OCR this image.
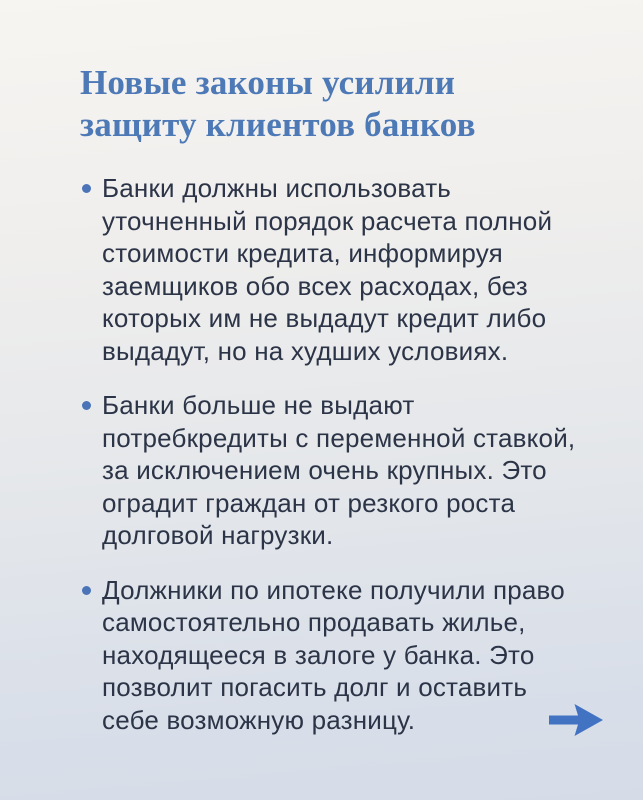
Новые законы усилили
защиту клиентов банков
Банки должны использовать уточненный порядок расчета полной стоимости кредита, информируя заемщиков обо всех расходах, без которых им не выдадут кредит либо выдадут, но на худших условиях.
Банки больше не выдают потребкредиты с переменной ставкой, за исключением очень крупных. Это оградит граждан от резкого роста долговой нагрузки.
Должники по ипотеке получили право самостоятельно продавать жилье, находящееся в залоге у банка. Это позволит погасить долг и оставить себе возможную разницу.
